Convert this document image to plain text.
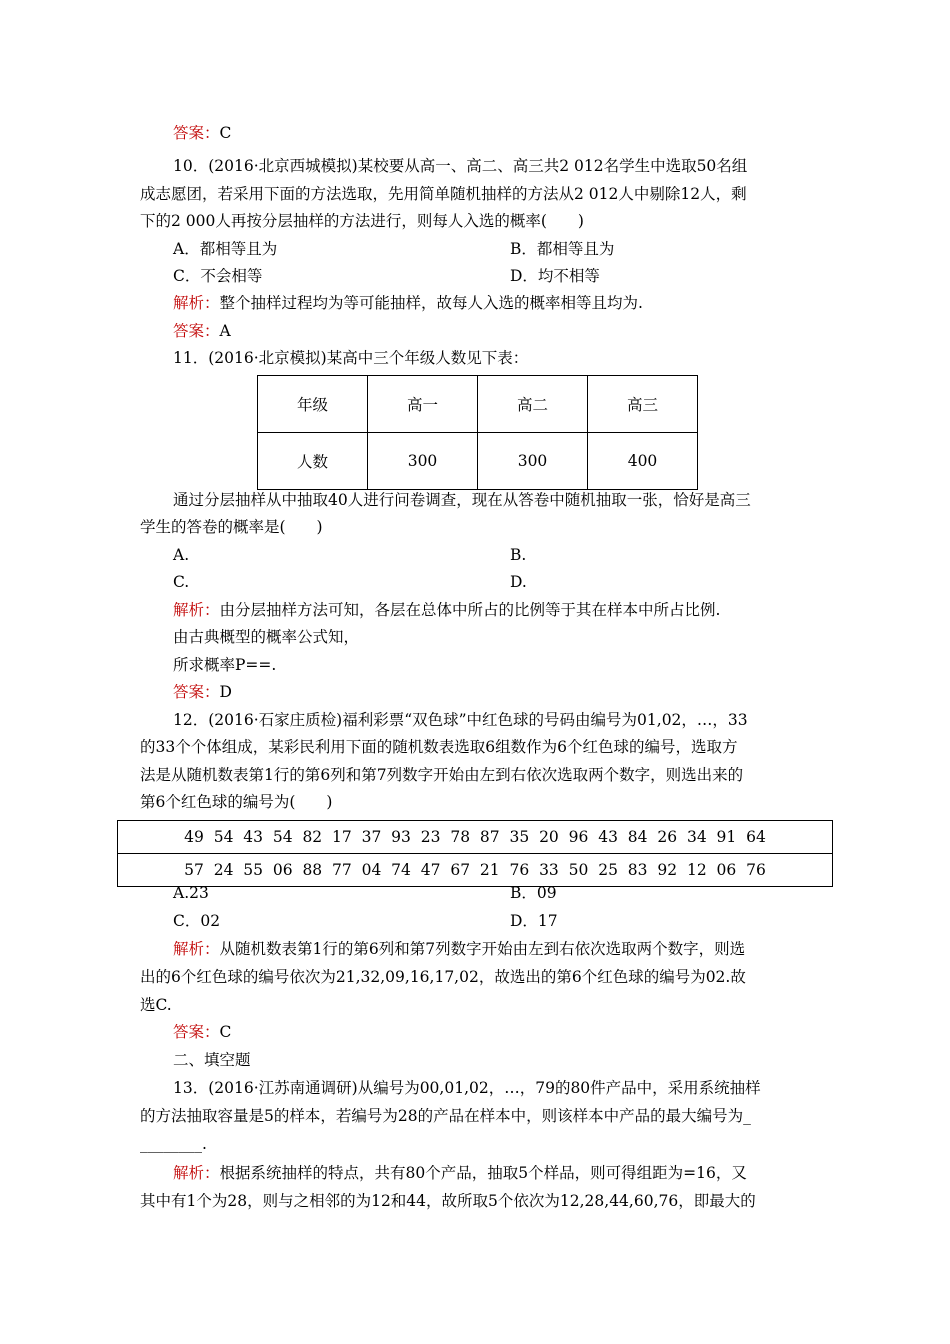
答案：C
10．(2016·北京西城模拟)某校要从高一、高二、高三共2 012名学生中选取50名组
成志愿团，若采用下面的方法选取，先用简单随机抽样的方法从2 012人中剔除12人，剩
下的2 000人再按分层抽样的方法进行，则每人入选的概率(　　)
A．都相等且为	B．都相等且为
C．不会相等	D．均不相等
解析：整个抽样过程均为等可能抽样，故每人入选的概率相等且均为.
答案：A
11．(2016·北京模拟)某高中三个年级人数见下表：
年级	高一	高二	高三
人数	300	300	400
通过分层抽样从中抽取40人进行问卷调查，现在从答卷中随机抽取一张，恰好是高三
学生的答卷的概率是(　　)
A.	B.
C.	D.
解析：由分层抽样方法可知，各层在总体中所占的比例等于其在样本中所占比例.
由古典概型的概率公式知，
所求概率P==.
答案：D
12．(2016·石家庄质检)福利彩票“双色球”中红色球的号码由编号为01,02，…，33
的33个个体组成，某彩民利用下面的随机数表选取6组数作为6个红色球的编号，选取方
法是从随机数表第1行的第6列和第7列数字开始由左到右依次选取两个数字，则选出来的
第6个红色球的编号为(　　)
49  54  43  54  82  17  37  93  23  78  87  35  20  96  43  84  26  34  91  64
57  24  55  06  88  77  04  74  47  67  21  76  33  50  25  83  92  12  06  76
A.23	B．09
C．02	D．17
解析：从随机数表第1行的第6列和第7列数字开始由左到右依次选取两个数字，则选
出的6个红色球的编号依次为21,32,09,16,17,02，故选出的第6个红色球的编号为02.故
选C.
答案：C
二、填空题
13．(2016·江苏南通调研)从编号为00,01,02，…，79的80件产品中，采用系统抽样
的方法抽取容量是5的样本，若编号为28的产品在样本中，则该样本中产品的最大编号为_
________.
解析：根据系统抽样的特点，共有80个产品，抽取5个样品，则可得组距为=16，又
其中有1个为28，则与之相邻的为12和44，故所取5个依次为12,28,44,60,76，即最大的
